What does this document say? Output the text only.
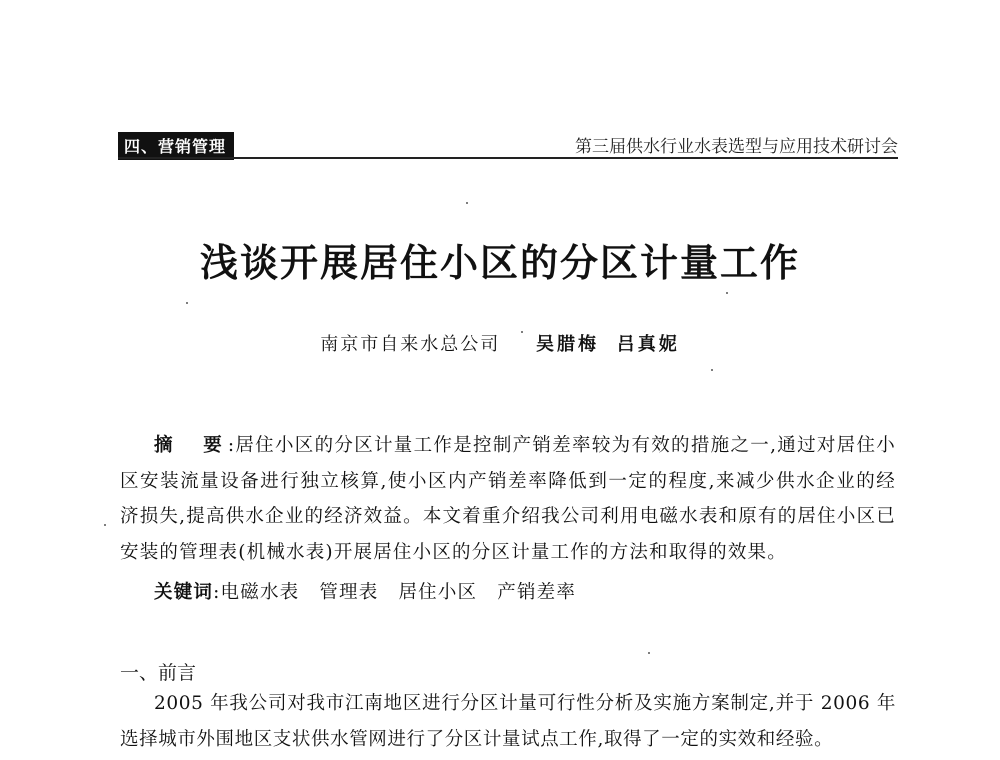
四、营销管理	第三届供水行业水表选型与应用技术研讨会
浅谈开展居住小区的分区计量工作
南京市自来水总公司 吴腊梅 吕真妮
摘　要:居住小区的分区计量工作是控制产销差率较为有效的措施之一,通过对居住小区安装流量设备进行独立核算,使小区内产销差率降低到一定的程度,来减少供水企业的经济损失,提高供水企业的经济效益。本文着重介绍我公司利用电磁水表和原有的居住小区已安装的管理表(机械水表)开展居住小区的分区计量工作的方法和取得的效果。
关键词:电磁水表 管理表 居住小区 产销差率
一、前言
2005 年我公司对我市江南地区进行分区计量可行性分析及实施方案制定,并于 2006 年选择城市外围地区支状供水管网进行了分区计量试点工作,取得了一定的实效和经验。
